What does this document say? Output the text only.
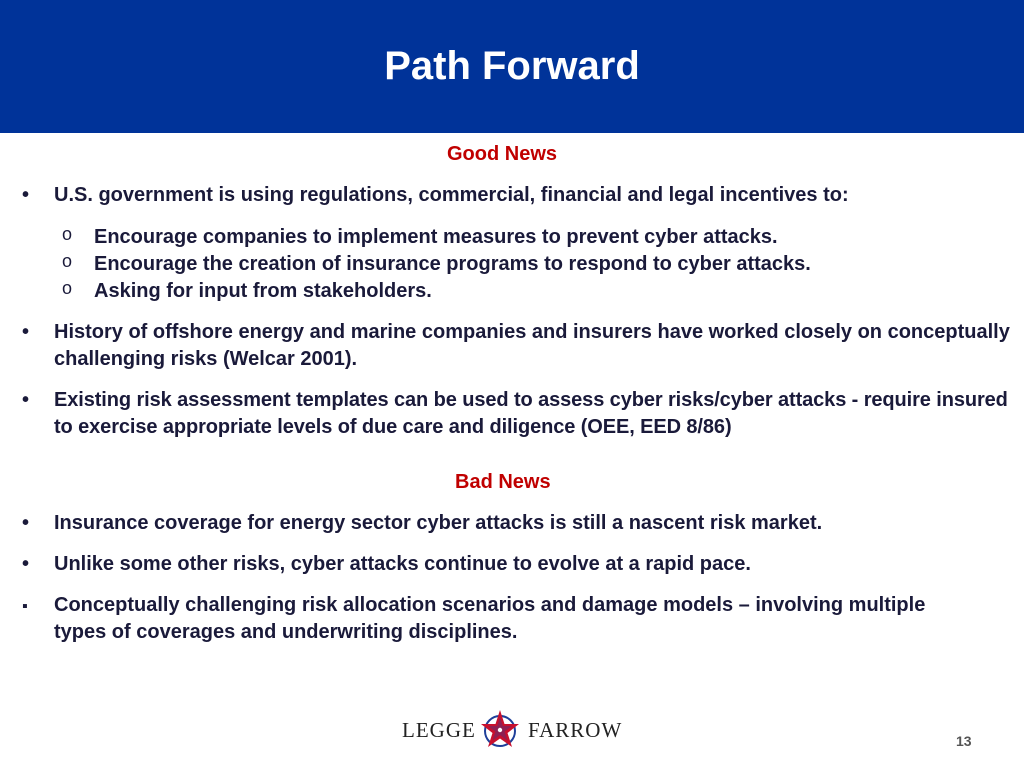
Path Forward
Good News
• U.S. government is using regulations, commercial, financial and legal incentives to:
o Encourage companies to implement measures to prevent cyber attacks.
o Encourage the creation of insurance programs to respond to cyber attacks.
o Asking for input from stakeholders.
• History of offshore energy and marine companies and insurers have worked closely on conceptually challenging risks (Welcar 2001).
• Existing risk assessment templates can be used to assess cyber risks/cyber attacks - require insured to exercise appropriate levels of due care and diligence (OEE, EED 8/86)
Bad News
• Insurance coverage for energy sector cyber attacks is still a nascent risk market.
• Unlike some other risks, cyber attacks continue to evolve at a rapid pace.
▪ Conceptually challenging risk allocation scenarios and damage models – involving multiple types of coverages and underwriting disciplines.
LEGGE FARROW	13
